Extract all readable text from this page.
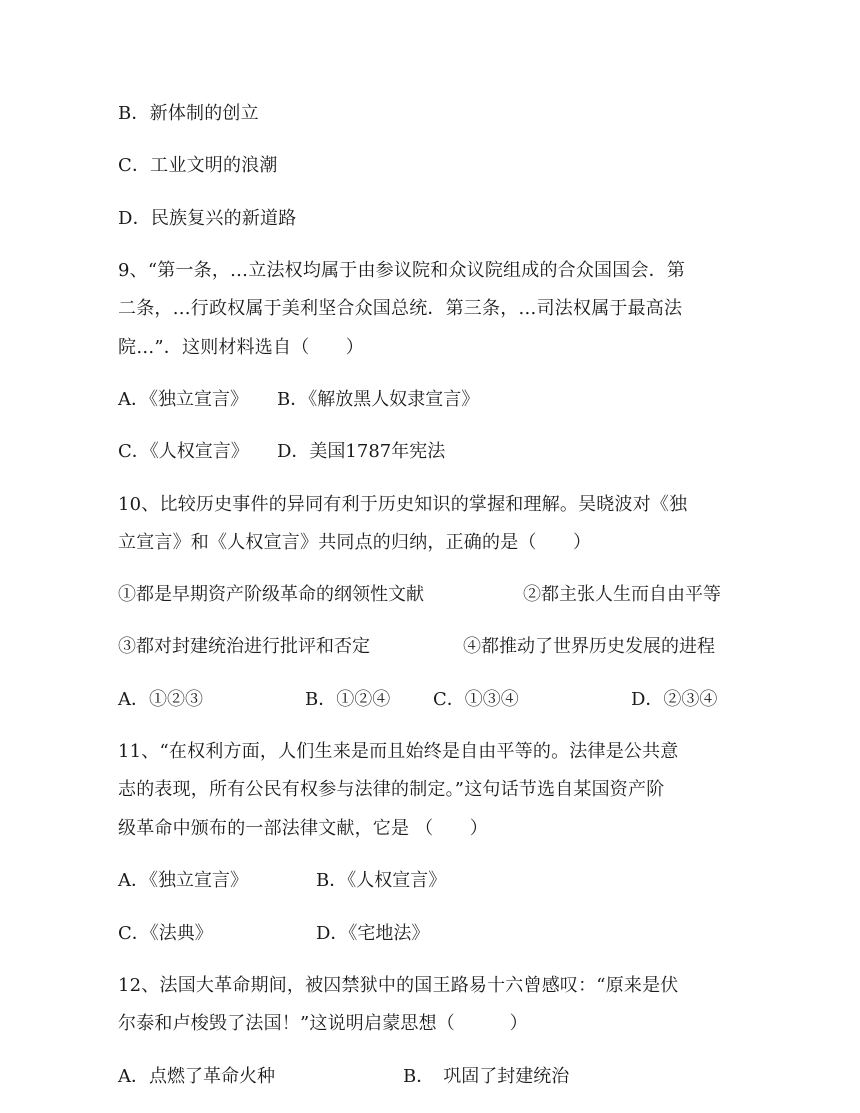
B．新体制的创立
C．工业文明的浪潮
D．民族复兴的新道路
9、“第一条，…立法权均属于由参议院和众议院组成的合众国国会．第
二条，…行政权属于美利坚合众国总统．第三条，…司法权属于最高法
院…”．这则材料选自（　　）
A．《独立宣言》 B．《解放黑人奴隶宣言》
C．《人权宣言》 D．美国1787年宪法
10、比较历史事件的异同有利于历史知识的掌握和理解。吴晓波对《独
立宣言》和《人权宣言》共同点的归纳，正确的是（　　）
①都是早期资产阶级革命的纲领性文献	②都主张人生而自由平等
③都对封建统治进行批评和否定	④都推动了世界历史发展的进程
A．①②③	B．①②④ C．①③④	D．②③④
11、“在权利方面，人们生来是而且始终是自由平等的。法律是公共意
志的表现，所有公民有权参与法律的制定。”这句话节选自某国资产阶
级革命中颁布的一部法律文献，它是 （　　）
A．《独立宣言》	B．《人权宣言》
C．《法典》	D．《宅地法》
12、法国大革命期间，被囚禁狱中的国王路易十六曾感叹：“原来是伏
尔泰和卢梭毁了法国！”这说明启蒙思想（　　　）
A．点燃了革命火种	B．　巩固了封建统治
